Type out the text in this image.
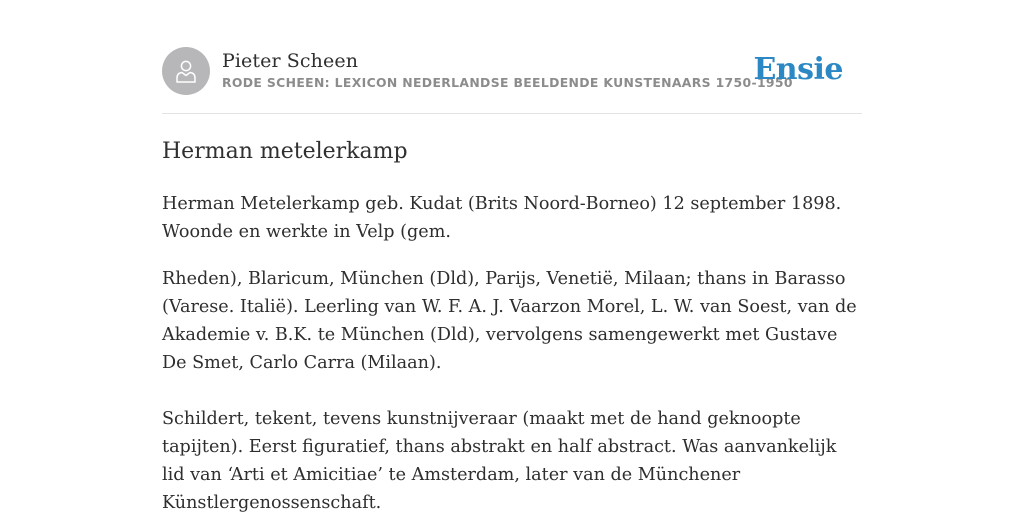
Pieter Scheen
RODE SCHEEN: LEXICON NEDERLANDSE BEELDENDE KUNSTENAARS 1750-1950
Ensie
Herman metelerkamp

Herman Metelerkamp geb. Kudat (Brits Noord-Borneo) 12 september 1898. Woonde en werkte in Velp (gem.

Rheden), Blaricum, München (Dld), Parijs, Venetië, Milaan; thans in Barasso (Varese. Italië). Leerling van W. F. A. J. Vaarzon Morel, L. W. van Soest, van de Akademie v. B.K. te München (Dld), vervolgens samengewerkt met Gustave De Smet, Carlo Carra (Milaan).

Schildert, tekent, tevens kunstnijveraar (maakt met de hand geknoopte tapijten). Eerst figuratief, thans abstrakt en half abstract. Was aanvankelijk lid van ‘Arti et Amicitiae’ te Amsterdam, later van de Münchener Künstlergenossenschaft.
